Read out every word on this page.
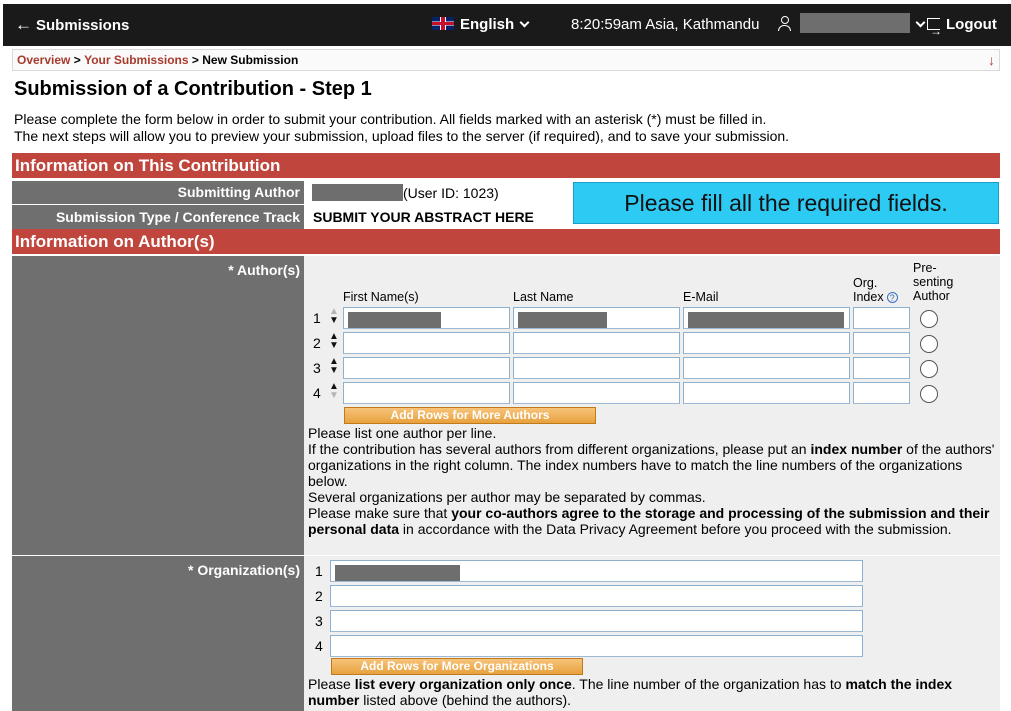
← Submissions	English	8:20:59am Asia, Kathmandu
→	Logout
Overview > Your Submissions > New Submission	↓
Submission of a Contribution - Step 1

Please complete the form below in order to submit your contribution. All fields marked with an asterisk (*) must be filled in.

The next steps will allow you to preview your submission, upload files to the server (if required), and to save your submission.

Information on This Contribution
Submitting Author	(User ID: 1023)
Submission Type / Conference Track SUBMIT YOUR ABSTRACT HERE
Please fill all the required fields.
Information on Author(s)
* Author(s)
First Name(s)	Last Name	E-Mail
Org.
Index ?
Pre-
senting
Author
1 ▲
▼
2 ▲
▼
3 ▲
▼
4 ▲
▼
Add Rows for More Authors

Please list one author per line.

If the contribution has several authors from different organizations, please put an index number of the authors' organizations in the right column. The index numbers have to match the line numbers of the organizations below.

Several organizations per author may be separated by commas.

Please make sure that your co-authors agree to the storage and processing of the submission and their personal data in accordance with the Data Privacy Agreement before you proceed with the submission.

* Organization(s) 1
2
3
4
Add Rows for More Organizations

Please list every organization only once. The line number of the organization has to match the index number listed above (behind the authors).
